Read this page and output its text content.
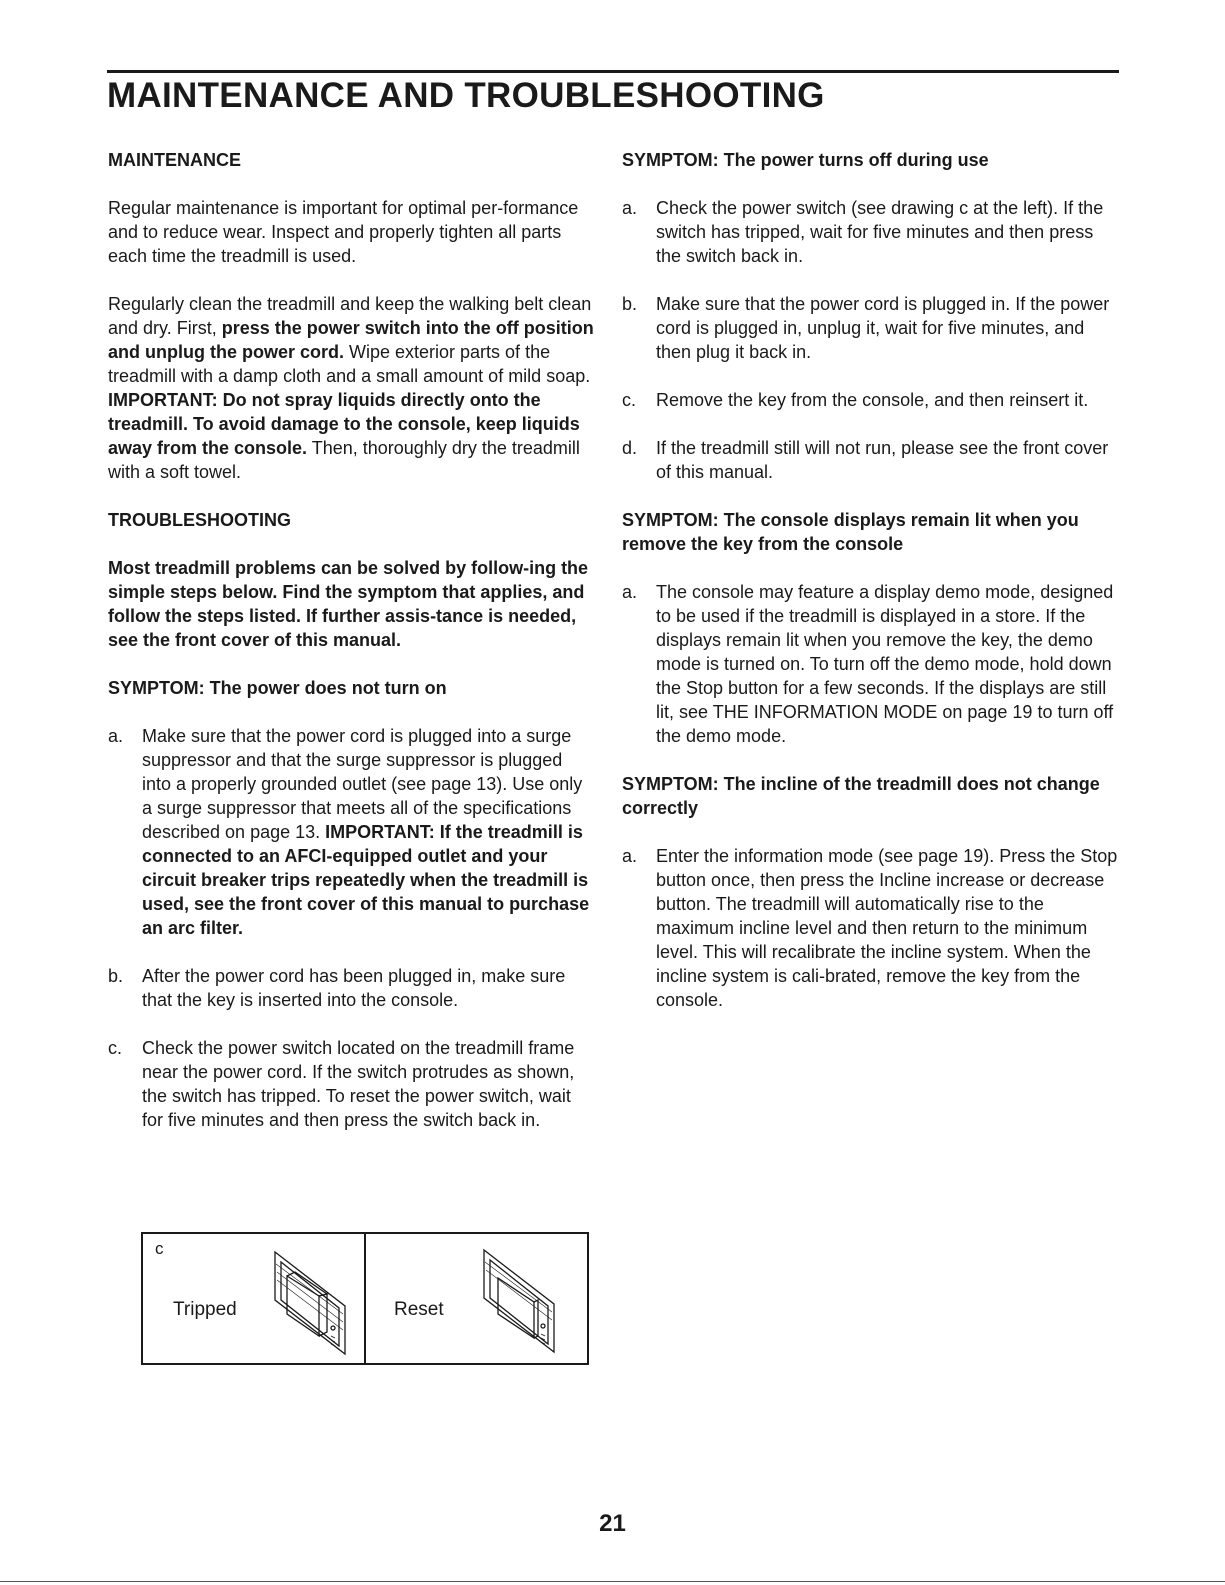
MAINTENANCE AND TROUBLESHOOTING

MAINTENANCE

Regular maintenance is important for optimal per-formance and to reduce wear. Inspect and properly tighten all parts each time the treadmill is used.

Regularly clean the treadmill and keep the walking belt clean and dry. First, press the power switch into the off position and unplug the power cord. Wipe exterior parts of the treadmill with a damp cloth and a small amount of mild soap. IMPORTANT: Do not spray liquids directly onto the treadmill. To avoid damage to the console, keep liquids away from the console. Then, thoroughly dry the treadmill with a soft towel.

TROUBLESHOOTING

Most treadmill problems can be solved by follow-ing the simple steps below. Find the symptom that applies, and follow the steps listed. If further assis-tance is needed, see the front cover of this manual.

SYMPTOM: The power does not turn on

a.	Make sure that the power cord is plugged into a surge suppressor and that the surge suppressor is plugged into a properly grounded outlet (see page 13). Use only a surge suppressor that meets all of the specifications described on page 13. IMPORTANT: If the treadmill is connected to an AFCI-equipped outlet and your circuit breaker trips repeatedly when the treadmill is used, see the front cover of this manual to purchase an arc filter.
b.	After the power cord has been plugged in, make sure that the key is inserted into the console.
c.	Check the power switch located on the treadmill frame near the power cord. If the switch protrudes as shown, the switch has tripped. To reset the power switch, wait for five minutes and then press the switch back in.
c
Tripped	Reset

SYMPTOM: The power turns off during use

a.	Check the power switch (see drawing c at the left). If the switch has tripped, wait for five minutes and then press the switch back in.
b.	Make sure that the power cord is plugged in. If the power cord is plugged in, unplug it, wait for five minutes, and then plug it back in.
c.	Remove the key from the console, and then reinsert it.
d.	If the treadmill still will not run, please see the front cover of this manual.

SYMPTOM: The console displays remain lit when you remove the key from the console

a.	The console may feature a display demo mode, designed to be used if the treadmill is displayed in a store. If the displays remain lit when you remove the key, the demo mode is turned on. To turn off the demo mode, hold down the Stop button for a few seconds. If the displays are still lit, see THE INFORMATION MODE on page 19 to turn off the demo mode.

SYMPTOM: The incline of the treadmill does not change correctly

a.	Enter the information mode (see page 19). Press the Stop button once, then press the Incline increase or decrease button. The treadmill will automatically rise to the maximum incline level and then return to the minimum level. This will recalibrate the incline system. When the incline system is cali-brated, remove the key from the console.
21
